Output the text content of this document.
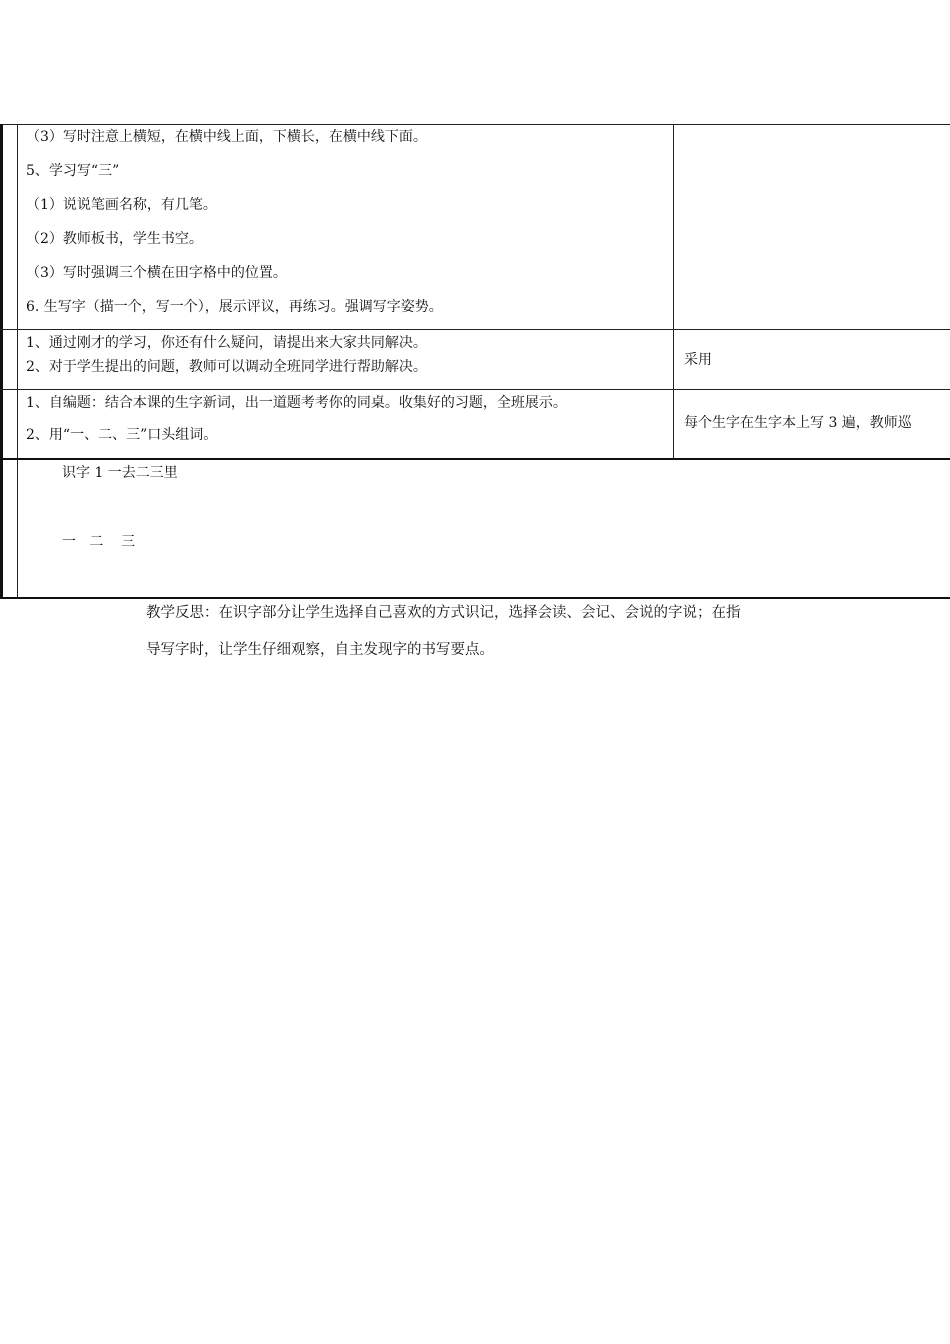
（3）写时注意上横短，在横中线上面，下横长，在横中线下面。
5、学习写“三”
（1）说说笔画名称，有几笔。
（2）教师板书，学生书空。
（3）写时强调三个横在田字格中的位置。
6. 生写字（描一个，写一个），展示评议，再练习。强调写字姿势。
1、通过刚才的学习，你还有什么疑问，请提出来大家共同解决。
2、对于学生提出的问题，教师可以调动全班同学进行帮助解决。	采用
1、自编题：结合本课的生字新词，出一道题考考你的同桌。收集好的习题，全班展示。
2、用“一、二、三”口头组词。
每个生字在生字本上写 3 遍，教师巡
识字 1 一去二三里
一   二    三
教学反思：在识字部分让学生选择自己喜欢的方式识记，选择会读、会记、会说的字说；在指
导写字时，让学生仔细观察，自主发现字的书写要点。
